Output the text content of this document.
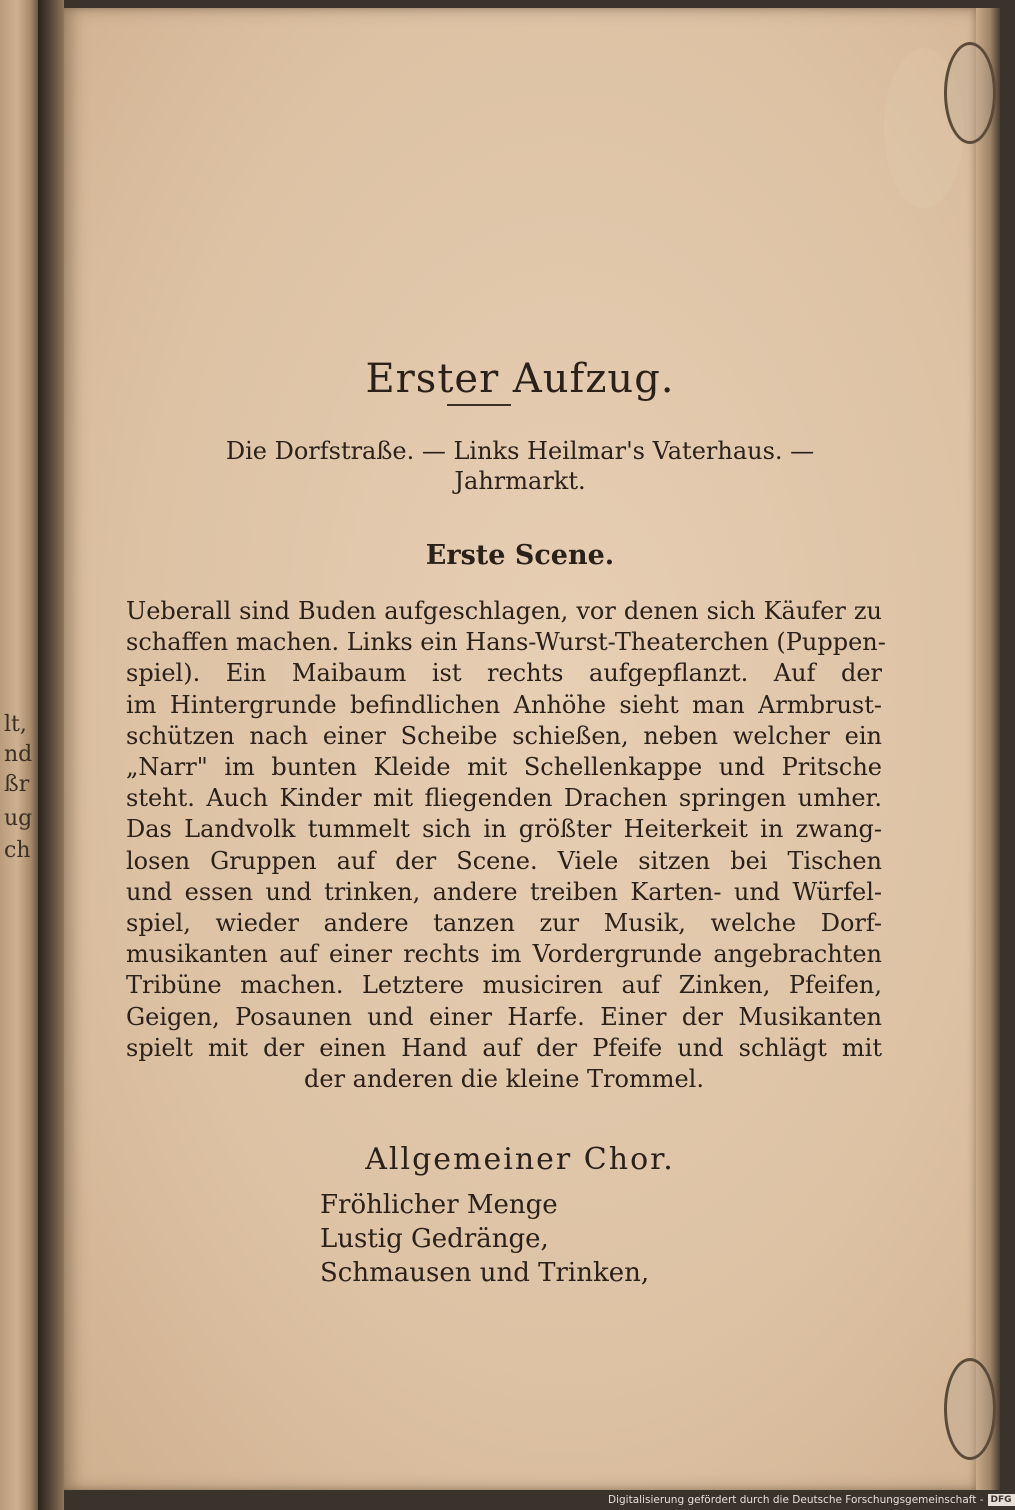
lt,
nd
ßr
ug
ch
Erster Aufzug.
Die Dorfstraße. — Links Heilmar's Vaterhaus. —
Jahrmarkt.
Erste Scene.
Ueberall sind Buden aufgeschlagen, vor denen sich Käufer zu
schaffen machen. Links ein Hans-Wurst-Theaterchen (Puppen-
spiel). Ein Maibaum ist rechts aufgepflanzt. Auf der
im Hintergrunde befindlichen Anhöhe sieht man Armbrust-
schützen nach einer Scheibe schießen, neben welcher ein
„Narr" im bunten Kleide mit Schellenkappe und Pritsche
steht. Auch Kinder mit fliegenden Drachen springen umher.
Das Landvolk tummelt sich in größter Heiterkeit in zwang-
losen Gruppen auf der Scene. Viele sitzen bei Tischen
und essen und trinken, andere treiben Karten- und Würfel-
spiel, wieder andere tanzen zur Musik, welche Dorf-
musikanten auf einer rechts im Vordergrunde angebrachten
Tribüne machen. Letztere musiciren auf Zinken, Pfeifen,
Geigen, Posaunen und einer Harfe. Einer der Musikanten
spielt mit der einen Hand auf der Pfeife und schlägt mit
der anderen die kleine Trommel.
Allgemeiner Chor.
Fröhlicher Menge
Lustig Gedränge,
Schmausen und Trinken,
Digitalisierung gefördert durch die Deutsche Forschungsgemeinschaft - DFG
